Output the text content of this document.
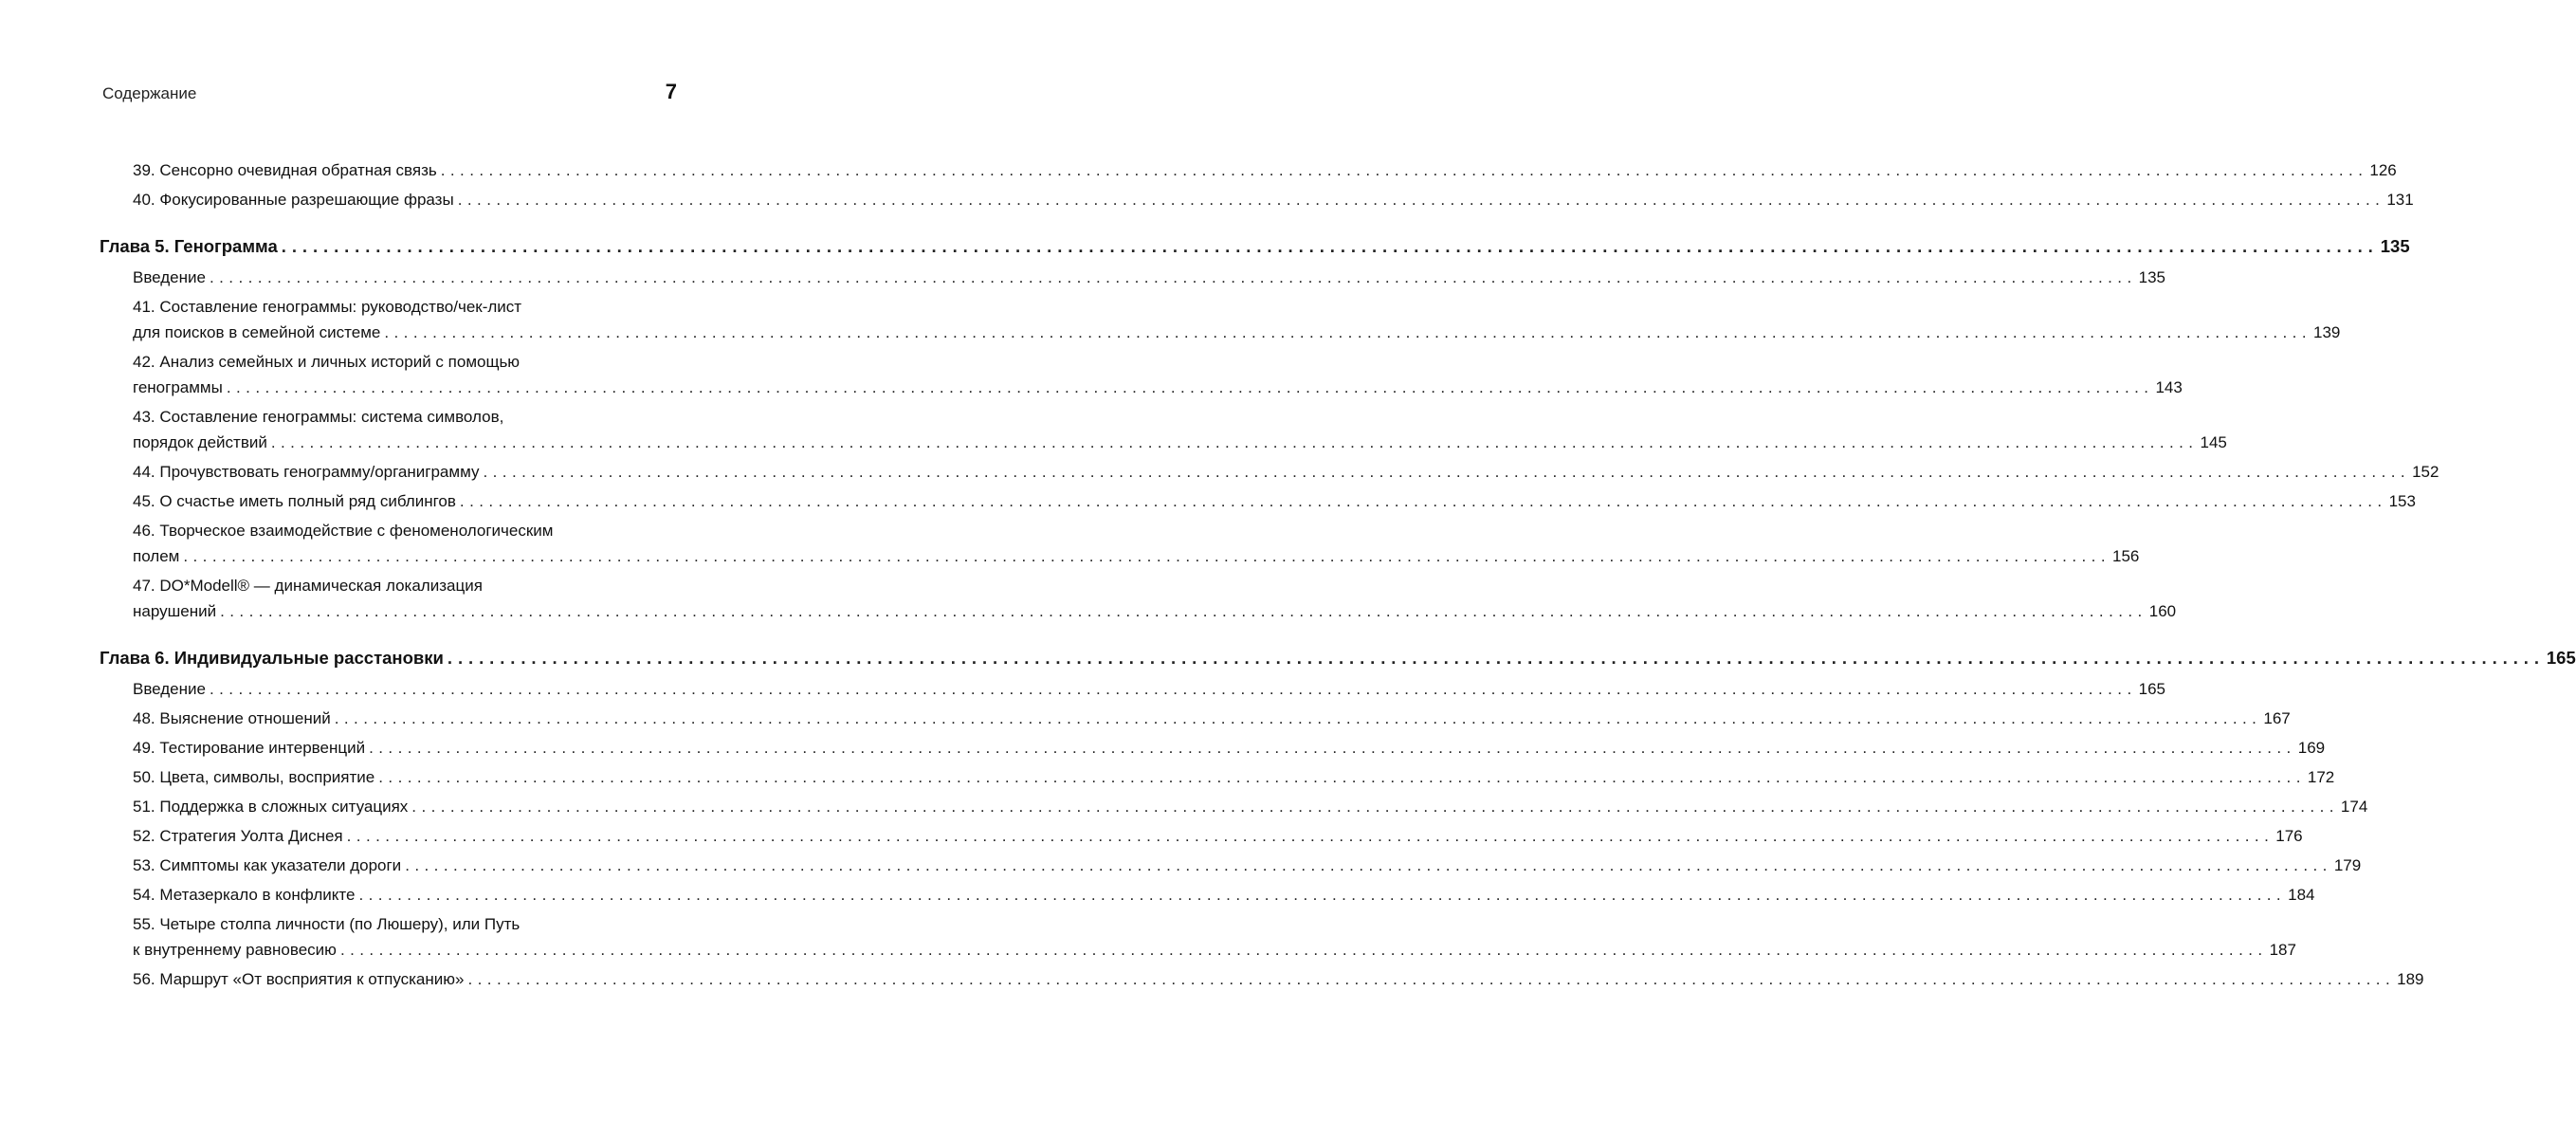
Содержание	7
39. Сенсорно очевидная обратная связь ........................................................................................................................................................................................................ 126
40. Фокусированные разрешающие фразы ........................................................................................................................................................................................................ 131
Глава 5. Генограмма ........................................................................................................................................................................................................ 135
Введение ........................................................................................................................................................................................................ 135
41. Составление генограммы: руководство/чек-лист
для поисков в семейной системе ........................................................................................................................................................................................................ 139
42. Анализ семейных и личных историй с помощью
генограммы ........................................................................................................................................................................................................ 143
43. Составление генограммы: система символов,
порядок действий ........................................................................................................................................................................................................ 145
44. Прочувствовать генограмму/органиграмму ........................................................................................................................................................................................................ 152
45. О счастье иметь полный ряд сиблингов ........................................................................................................................................................................................................ 153
46. Творческое взаимодействие с феноменологическим
полем ........................................................................................................................................................................................................ 156
47. DO*Modell® — динамическая локализация
нарушений ........................................................................................................................................................................................................ 160
Глава 6. Индивидуальные расстановки ........................................................................................................................................................................................................ 165
Введение ........................................................................................................................................................................................................ 165
48. Выяснение отношений ........................................................................................................................................................................................................ 167
49. Тестирование интервенций ........................................................................................................................................................................................................ 169
50. Цвета, символы, восприятие ........................................................................................................................................................................................................ 172
51. Поддержка в сложных ситуациях ........................................................................................................................................................................................................ 174
52. Стратегия Уолта Диснея ........................................................................................................................................................................................................ 176
53. Симптомы как указатели дороги ........................................................................................................................................................................................................ 179
54. Метазеркало в конфликте ........................................................................................................................................................................................................ 184
55. Четыре столпа личности (по Люшеру), или Путь
к внутреннему равновесию ........................................................................................................................................................................................................ 187
56. Маршрут «От восприятия к отпусканию» ........................................................................................................................................................................................................ 189
